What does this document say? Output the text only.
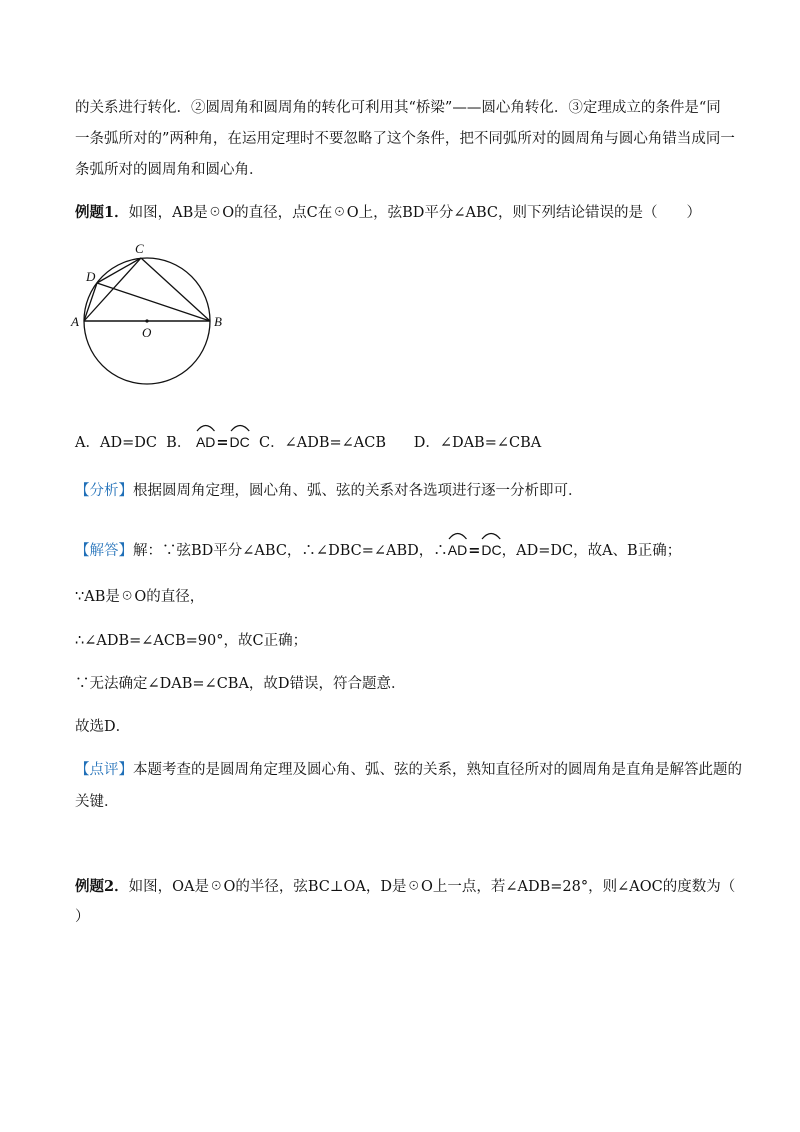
的关系进行转化．②圆周角和圆周角的转化可利用其“桥梁”——圆心角转化．③定理成立的条件是“同
一条弧所对的”两种角，在运用定理时不要忽略了这个条件，把不同弧所对的圆周角与圆心角错当成同一
条弧所对的圆周角和圆心角．
例题1．如图，AB是☉O的直径，点C在☉O上，弦BD平分∠ABC，则下列结论错误的是（　　）
C
D
A	B
O
A．AD=DC B． AD=
DC C．∠ADB=∠ACB D．∠DAB=∠CBA
【分析】根据圆周角定理，圆心角、弧、弦的关系对各选项进行逐一分析即可．
【解答】解：∵弦BD平分∠ABC，∴∠DBC=∠ABD，∴
AD=
DC，AD=DC，故A、B正确；
∵AB是☉O的直径，
∴∠ADB=∠ACB=90°，故C正确；
∵无法确定∠DAB=∠CBA，故D错误，符合题意．
故选D．
【点评】本题考查的是圆周角定理及圆心角、弧、弦的关系，熟知直径所对的圆周角是直角是解答此题的
关键．
例题2．如图，OA是☉O的半径，弦BC⊥OA，D是☉O上一点，若∠ADB=28°，则∠AOC的度数为（
）
